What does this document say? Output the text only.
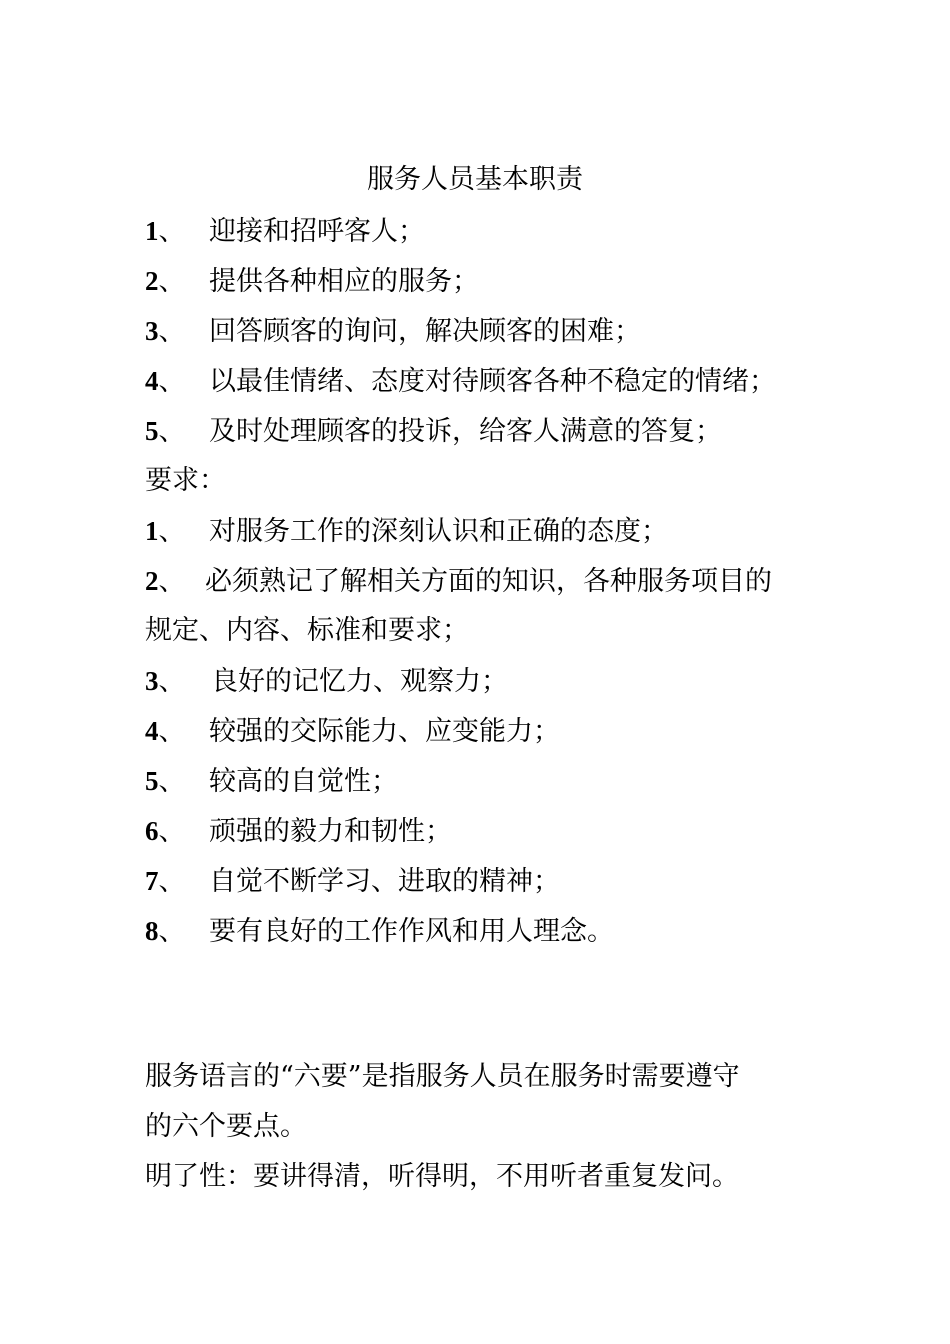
服务人员基本职责
1、 迎接和招呼客人；
2、 提供各种相应的服务；
3、 回答顾客的询问，解决顾客的困难；
4、 以最佳情绪、态度对待顾客各种不稳定的情绪；
5、 及时处理顾客的投诉，给客人满意的答复；
要求：
1、 对服务工作的深刻认识和正确的态度；
2、 必须熟记了解相关方面的知识，各种服务项目的
规定、内容、标准和要求；
3、 良好的记忆力、观察力；
4、 较强的交际能力、应变能力；
5、 较高的自觉性；
6、 顽强的毅力和韧性；
7、 自觉不断学习、进取的精神；
8、 要有良好的工作作风和用人理念。
服务语言的“六要”是指服务人员在服务时需要遵守
的六个要点。
明了性：要讲得清，听得明，不用听者重复发问。
